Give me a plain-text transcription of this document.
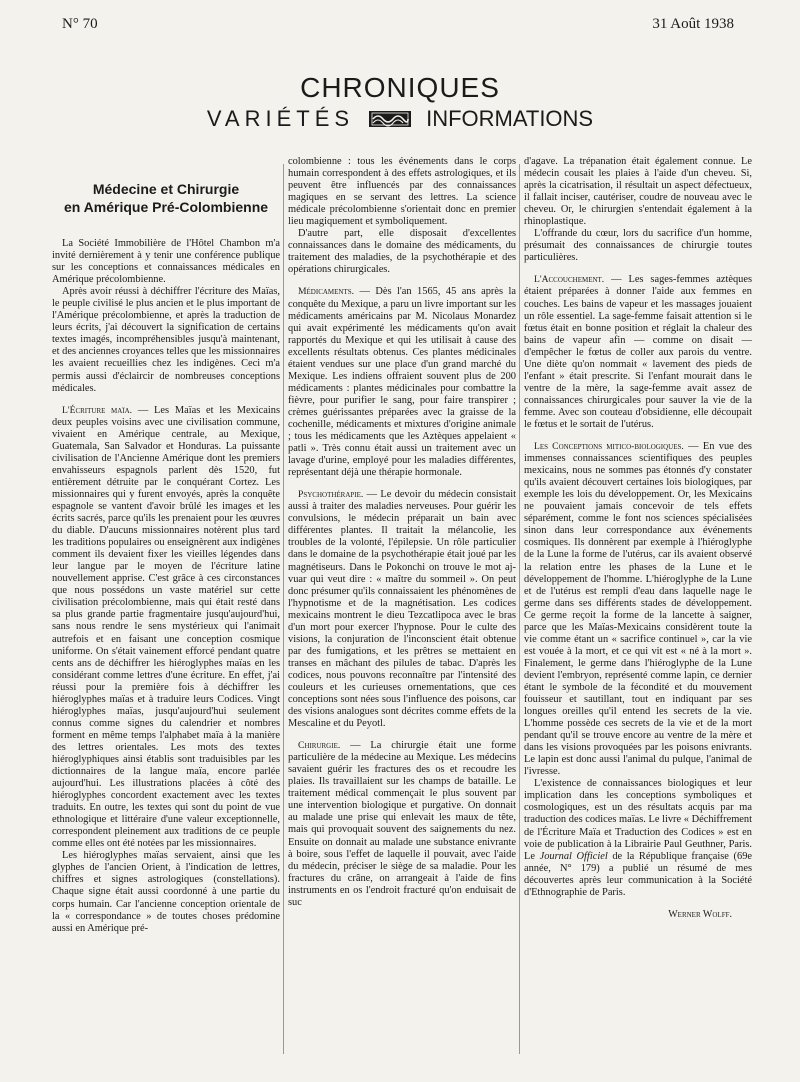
N° 70	31 Août 1938
CHRONIQUES
VARIÉTÉS	INFORMATIONS
Médecine et Chirurgie
en Amérique Pré-Colombienne

La Société Immobilière de l'Hôtel Chambon m'a invité dernièrement à y tenir une conférence publique sur les conceptions et connaissances médicales en Amérique précolombienne.

Après avoir réussi à déchiffrer l'écriture des Maïas, le peuple civilisé le plus ancien et le plus important de l'Amérique précolombienne, et après la traduction de leurs écrits, j'ai découvert la signification de certains textes imagés, incompréhensibles jusqu'à maintenant, et des anciennes croyances telles que les missionnaires les avaient recueillies chez les indigènes. Ceci m'a permis aussi d'éclaircir de nombreuses conceptions médicales.

L'Écriture maïa. — Les Maïas et les Mexicains deux peuples voisins avec une civilisation commune, vivaient en Amérique centrale, au Mexique, Guatemala, San Salvador et Honduras. La puissante civilisation de l'Ancienne Amérique dont les premiers envahisseurs espagnols parlent dès 1520, fut entièrement détruite par le conquérant Cortez. Les missionnaires qui y furent envoyés, après la conquête espagnole se vantent d'avoir brûlé les images et les écrits sacrés, parce qu'ils les prenaient pour les œuvres du diable. D'aucuns missionnaires notèrent plus tard les traditions populaires ou enseignèrent aux indigènes comment ils devaient fixer les vieilles légendes dans leur langue par le moyen de l'écriture latine nouvellement apprise. C'est grâce à ces circonstances que nous possédons un vaste matériel sur cette civilisation précolombienne, mais qui était resté dans sa plus grande partie fragmentaire jusqu'aujourd'hui, sans nous rendre le sens mystérieux qui l'animait autrefois et en faisant une conception cosmique uniforme. On s'était vainement efforcé pendant quatre cents ans de déchiffrer les hiéroglyphes maïas en les considérant comme lettres d'une écriture. En effet, j'ai réussi pour la première fois à déchiffrer les hiéroglyphes maïas et à traduire leurs Codices. Vingt hiéroglyphes maïas, jusqu'aujourd'hui seulement connus comme signes du calendrier et nombres forment en même temps l'alphabet maïa à la manière des lettres orientales. Les mots des textes hiéroglyphiques ainsi établis sont traduisibles par les dictionnaires de la langue maïa, encore parlée aujourd'hui. Les illustrations placées à côté des hiéroglyphes concordent exactement avec les textes traduits. En outre, les textes qui sont du point de vue ethnologique et littéraire d'une valeur exceptionnelle, correspondent pleinement aux traditions de ce peuple comme elles ont été notées par les missionnaires.

Les hiéroglyphes maïas servaient, ainsi que les glyphes de l'ancien Orient, à l'indication de lettres, chiffres et signes astrologiques (constellations). Chaque signe était aussi coordonné à une partie du corps humain. Car l'ancienne conception orientale de la « correspondance » de toutes choses prédomine aussi en Amérique pré-

colombienne : tous les événements dans le corps humain correspondent à des effets astrologiques, et ils peuvent être influencés par des connaissances magiques en se servant des lettres. La science médicale précolombienne s'orientait donc en premier lieu magiquement et symboliquement.

D'autre part, elle disposait d'excellentes connaissances dans le domaine des médicaments, du traitement des maladies, de la psychothérapie et des opérations chirurgicales.

Médicaments. — Dès l'an 1565, 45 ans après la conquête du Mexique, a paru un livre important sur les médicaments américains par M. Nicolaus Monardez qui avait expérimenté les médicaments qu'on avait rapportés du Mexique et qui les utilisait à cause des excellents résultats obtenus. Ces plantes médicinales étaient vendues sur une place d'un grand marché du Mexique. Les indiens offraient souvent plus de 200 médicaments : plantes médicinales pour combattre la fièvre, pour purifier le sang, pour faire transpirer ; crèmes guérissantes préparées avec la graisse de la cochenille, médicaments et mixtures d'origine animale ; tous les médicaments que les Aztèques appelaient « patli ». Très connu était aussi un traitement avec un lavage d'urine, employé pour les maladies différentes, représentant déjà une thérapie hormonale.

Psychothérapie. — Le devoir du médecin consistait aussi à traiter des maladies nerveuses. Pour guérir les convulsions, le médecin préparait un bain avec différentes plantes. Il traitait la mélancolie, les troubles de la volonté, l'épilepsie. Un rôle particulier dans le domaine de la psychothérapie était joué par les magnétiseurs. Dans le Pokonchi on trouve le mot aj-vuar qui veut dire : « maître du sommeil ». On peut donc présumer qu'ils connaissaient les phénomènes de l'hypnotisme et de la magnétisation. Les codices mexicains montrent le dieu Tezcatlipoca avec le bras d'un mort pour exercer l'hypnose. Pour le culte des visions, la conjuration de l'inconscient était obtenue par des fumigations, et les prêtres se mettaient en transes en mâchant des pilules de tabac. D'après les codices, nous pouvons reconnaître par l'intensité des couleurs et les curieuses ornementations, que ces conceptions sont nées sous l'influence des poisons, car des visions analogues sont décrites comme effets de la Mescaline et du Peyotl.

Chirurgie. — La chirurgie était une forme particulière de la médecine au Mexique. Les médecins savaient guérir les fractures des os et recoudre les plaies. Ils travaillaient sur les champs de bataille. Le traitement médical commençait le plus souvent par une intervention biologique et purgative. On donnait au malade une prise qui enlevait les maux de tête, mais qui provoquait souvent des saignements du nez. Ensuite on donnait au malade une substance enivrante à boire, sous l'effet de laquelle il pouvait, avec l'aide du médecin, préciser le siège de sa maladie. Pour les fractures du crâne, on arrangeait à l'aide de fins instruments en os l'endroit fracturé qu'on enduisait de suc

d'agave. La trépanation était également connue. Le médecin cousait les plaies à l'aide d'un cheveu. Si, après la cicatrisation, il résultait un aspect défectueux, il fallait inciser, cautériser, coudre de nouveau avec le cheveu. Or, le chirurgien s'entendait également à la rhinoplastique.

L'offrande du cœur, lors du sacrifice d'un homme, présumait des connaissances de chirurgie toutes particulières.

L'Accouchement. — Les sages-femmes aztèques étaient préparées à donner l'aide aux femmes en couches. Les bains de vapeur et les massages jouaient un rôle essentiel. La sage-femme faisait attention si le fœtus était en bonne position et réglait la chaleur des bains de vapeur afin — comme on disait — d'empêcher le fœtus de coller aux parois du ventre. Une diète qu'on nommait « lavement des pieds de l'enfant » était prescrite. Si l'enfant mourait dans le ventre de la mère, la sage-femme avait assez de connaissances chirurgicales pour sauver la vie de la femme. Avec son couteau d'obsidienne, elle découpait le fœtus et le sortait de l'utérus.

Les Conceptions mitico-biologiques. — En vue des immenses connaissances scientifiques des peuples mexicains, nous ne sommes pas étonnés d'y constater qu'ils avaient découvert certaines lois biologiques, par exemple les lois du développement. Or, les Mexicains ne pouvaient jamais concevoir de tels effets séparément, comme le font nos sciences spécialisées sinon dans leur correspondance aux événements cosmiques. Ils donnèrent par exemple à l'hiéroglyphe de la Lune la forme de l'utérus, car ils avaient observé la relation entre les phases de la Lune et le développement de l'homme. L'hiéroglyphe de la Lune et de l'utérus est rempli d'eau dans laquelle nage le germe dans ses différents stades de développement. Ce germe reçoit la forme de la lancette à saigner, parce que les Maïas-Mexicains considèrent toute la vie comme étant un « sacrifice continuel », car la vie est vouée à la mort, et ce qui vit est « né à la mort ». Finalement, le germe dans l'hiéroglyphe de la Lune devient l'embryon, représenté comme lapin, ce dernier étant le symbole de la fécondité et du mouvement fouisseur et sautillant, tout en indiquant par ses longues oreilles qu'il entend les secrets de la vie. L'homme possède ces secrets de la vie et de la mort pendant qu'il se trouve encore au ventre de la mère et dans les visions provoquées par les poisons enivrants. Le lapin est donc aussi l'animal du pulque, l'animal de l'ivresse.

L'existence de connaissances biologiques et leur implication dans les conceptions symboliques et cosmologiques, est un des résultats acquis par ma traduction des codices maïas. Le livre « Déchiffrement de l'Écriture Maïa et Traduction des Codices » est en voie de publication à la Librairie Paul Geuthner, Paris. Le Journal Officiel de la République française (69e année, N° 179) a publié un résumé de mes découvertes après leur communication à la Société d'Ethnographie de Paris.

Werner Wolff.
